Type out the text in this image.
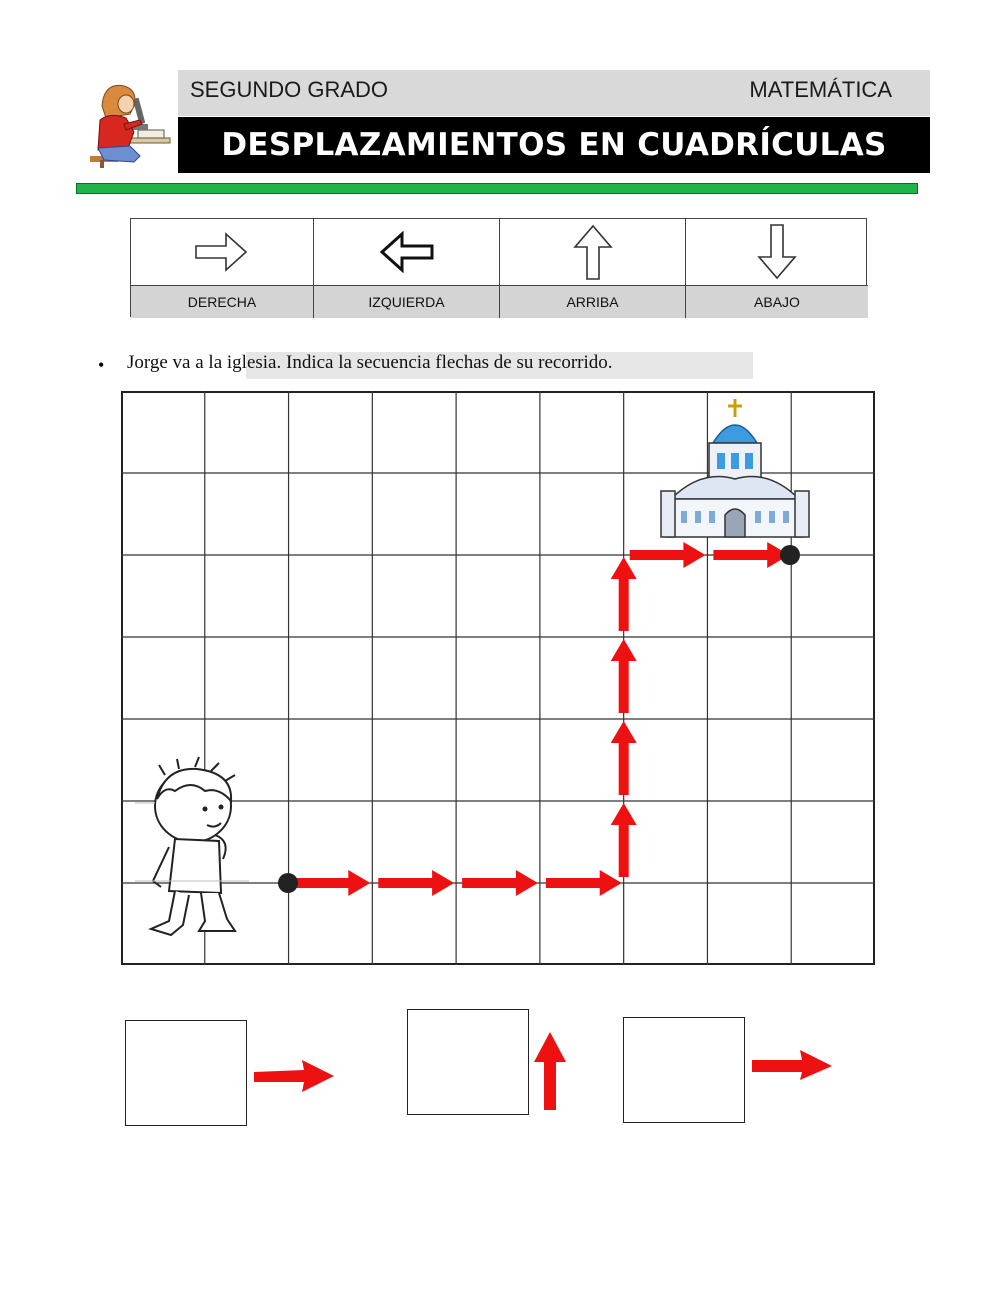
SEGUNDO GRADO	MATEMÁTICA
DESPLAZAMIENTOS EN CUADRÍCULAS
DERECHA	IZQUIERDA	ARRIBA	ABAJO
• Jorge va a la iglesia. Indica la secuencia flechas de su recorrido.
